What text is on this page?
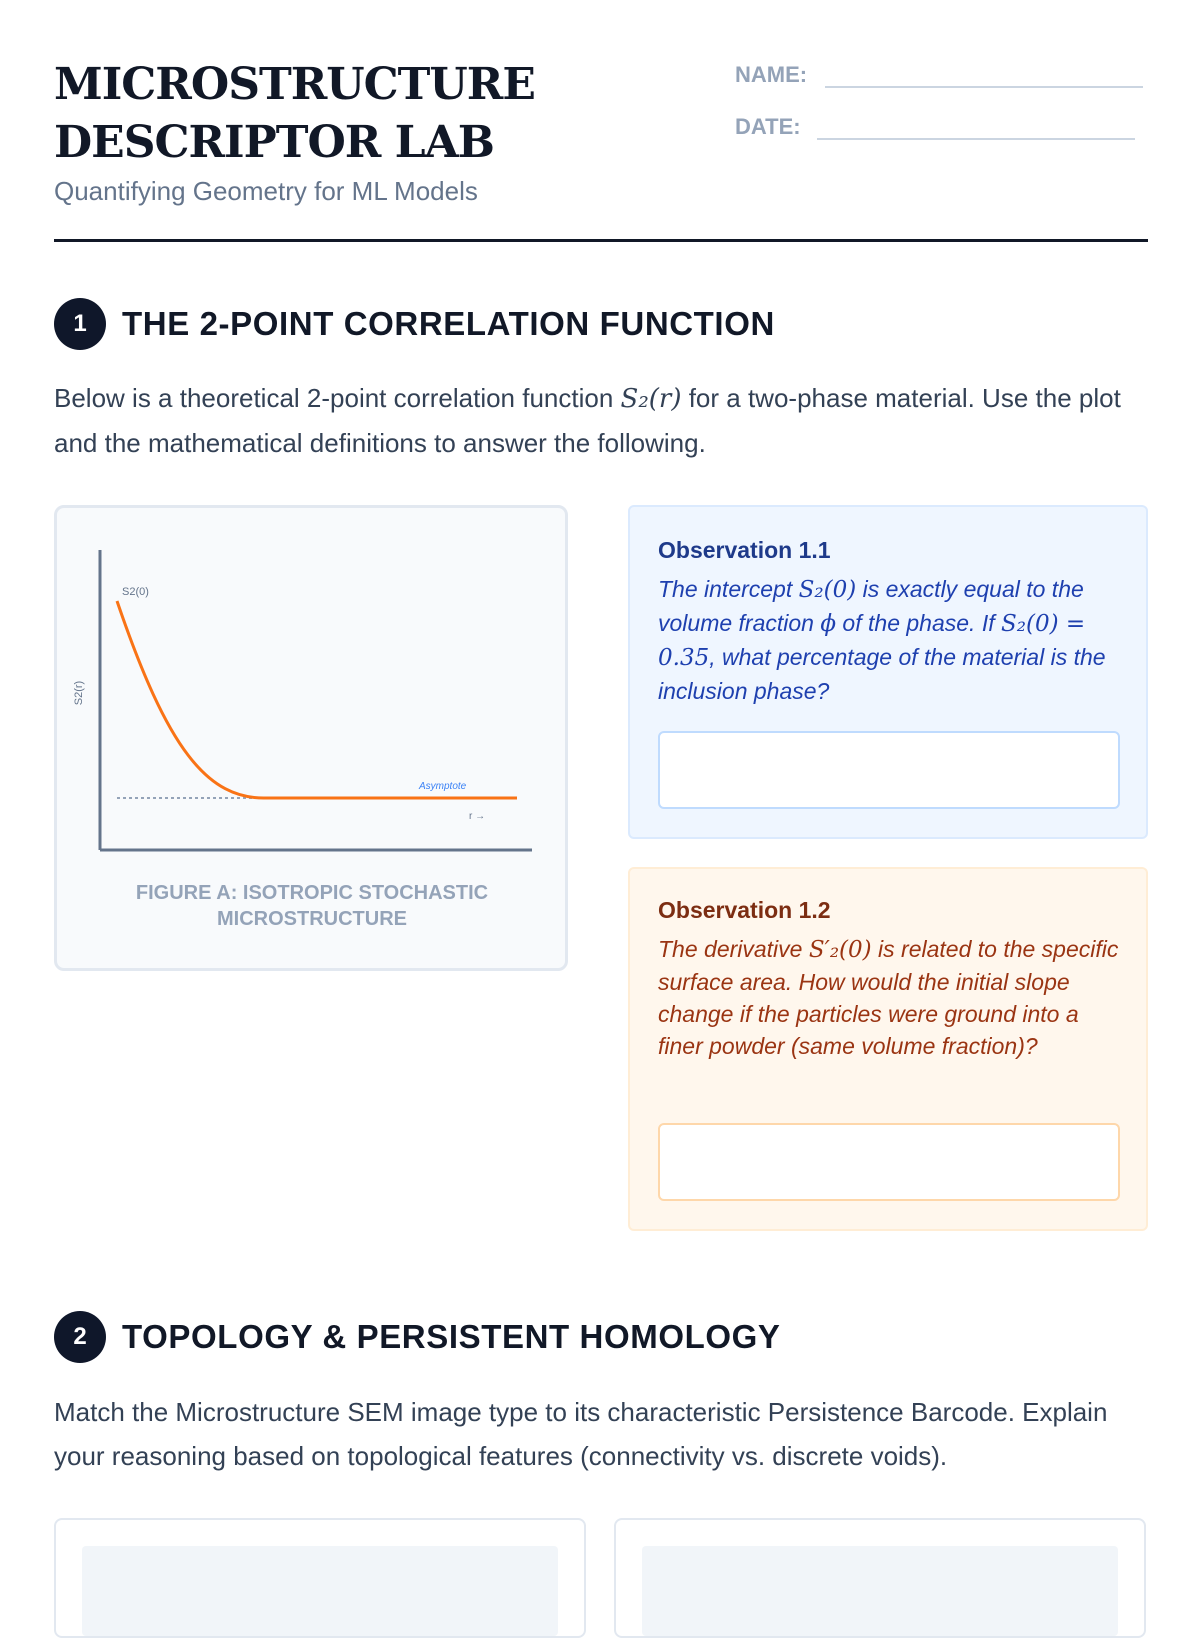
MICROSTRUCTURE
DESCRIPTOR LAB
Quantifying Geometry for ML Models
NAME:
DATE:
1	THE 2-POINT CORRELATION FUNCTION
Below is a theoretical 2-point correlation function S₂(r) for a two-phase material. Use the plot and the mathematical definitions to answer the following.
S2(0)
S2(r)
Asymptote
r →
FIGURE A: ISOTROPIC STOCHASTIC MICROSTRUCTURE
Observation 1.1
The intercept S₂(0) is exactly equal to the volume fraction ϕ of the phase. If S₂(0) = 0.35, what percentage of the material is the inclusion phase?
Observation 1.2
The derivative S′₂(0) is related to the specific surface area. How would the initial slope change if the particles were ground into a finer powder (same volume fraction)?
2	TOPOLOGY & PERSISTENT HOMOLOGY
Match the Microstructure SEM image type to its characteristic Persistence Barcode. Explain your reasoning based on topological features (connectivity vs. discrete voids).
